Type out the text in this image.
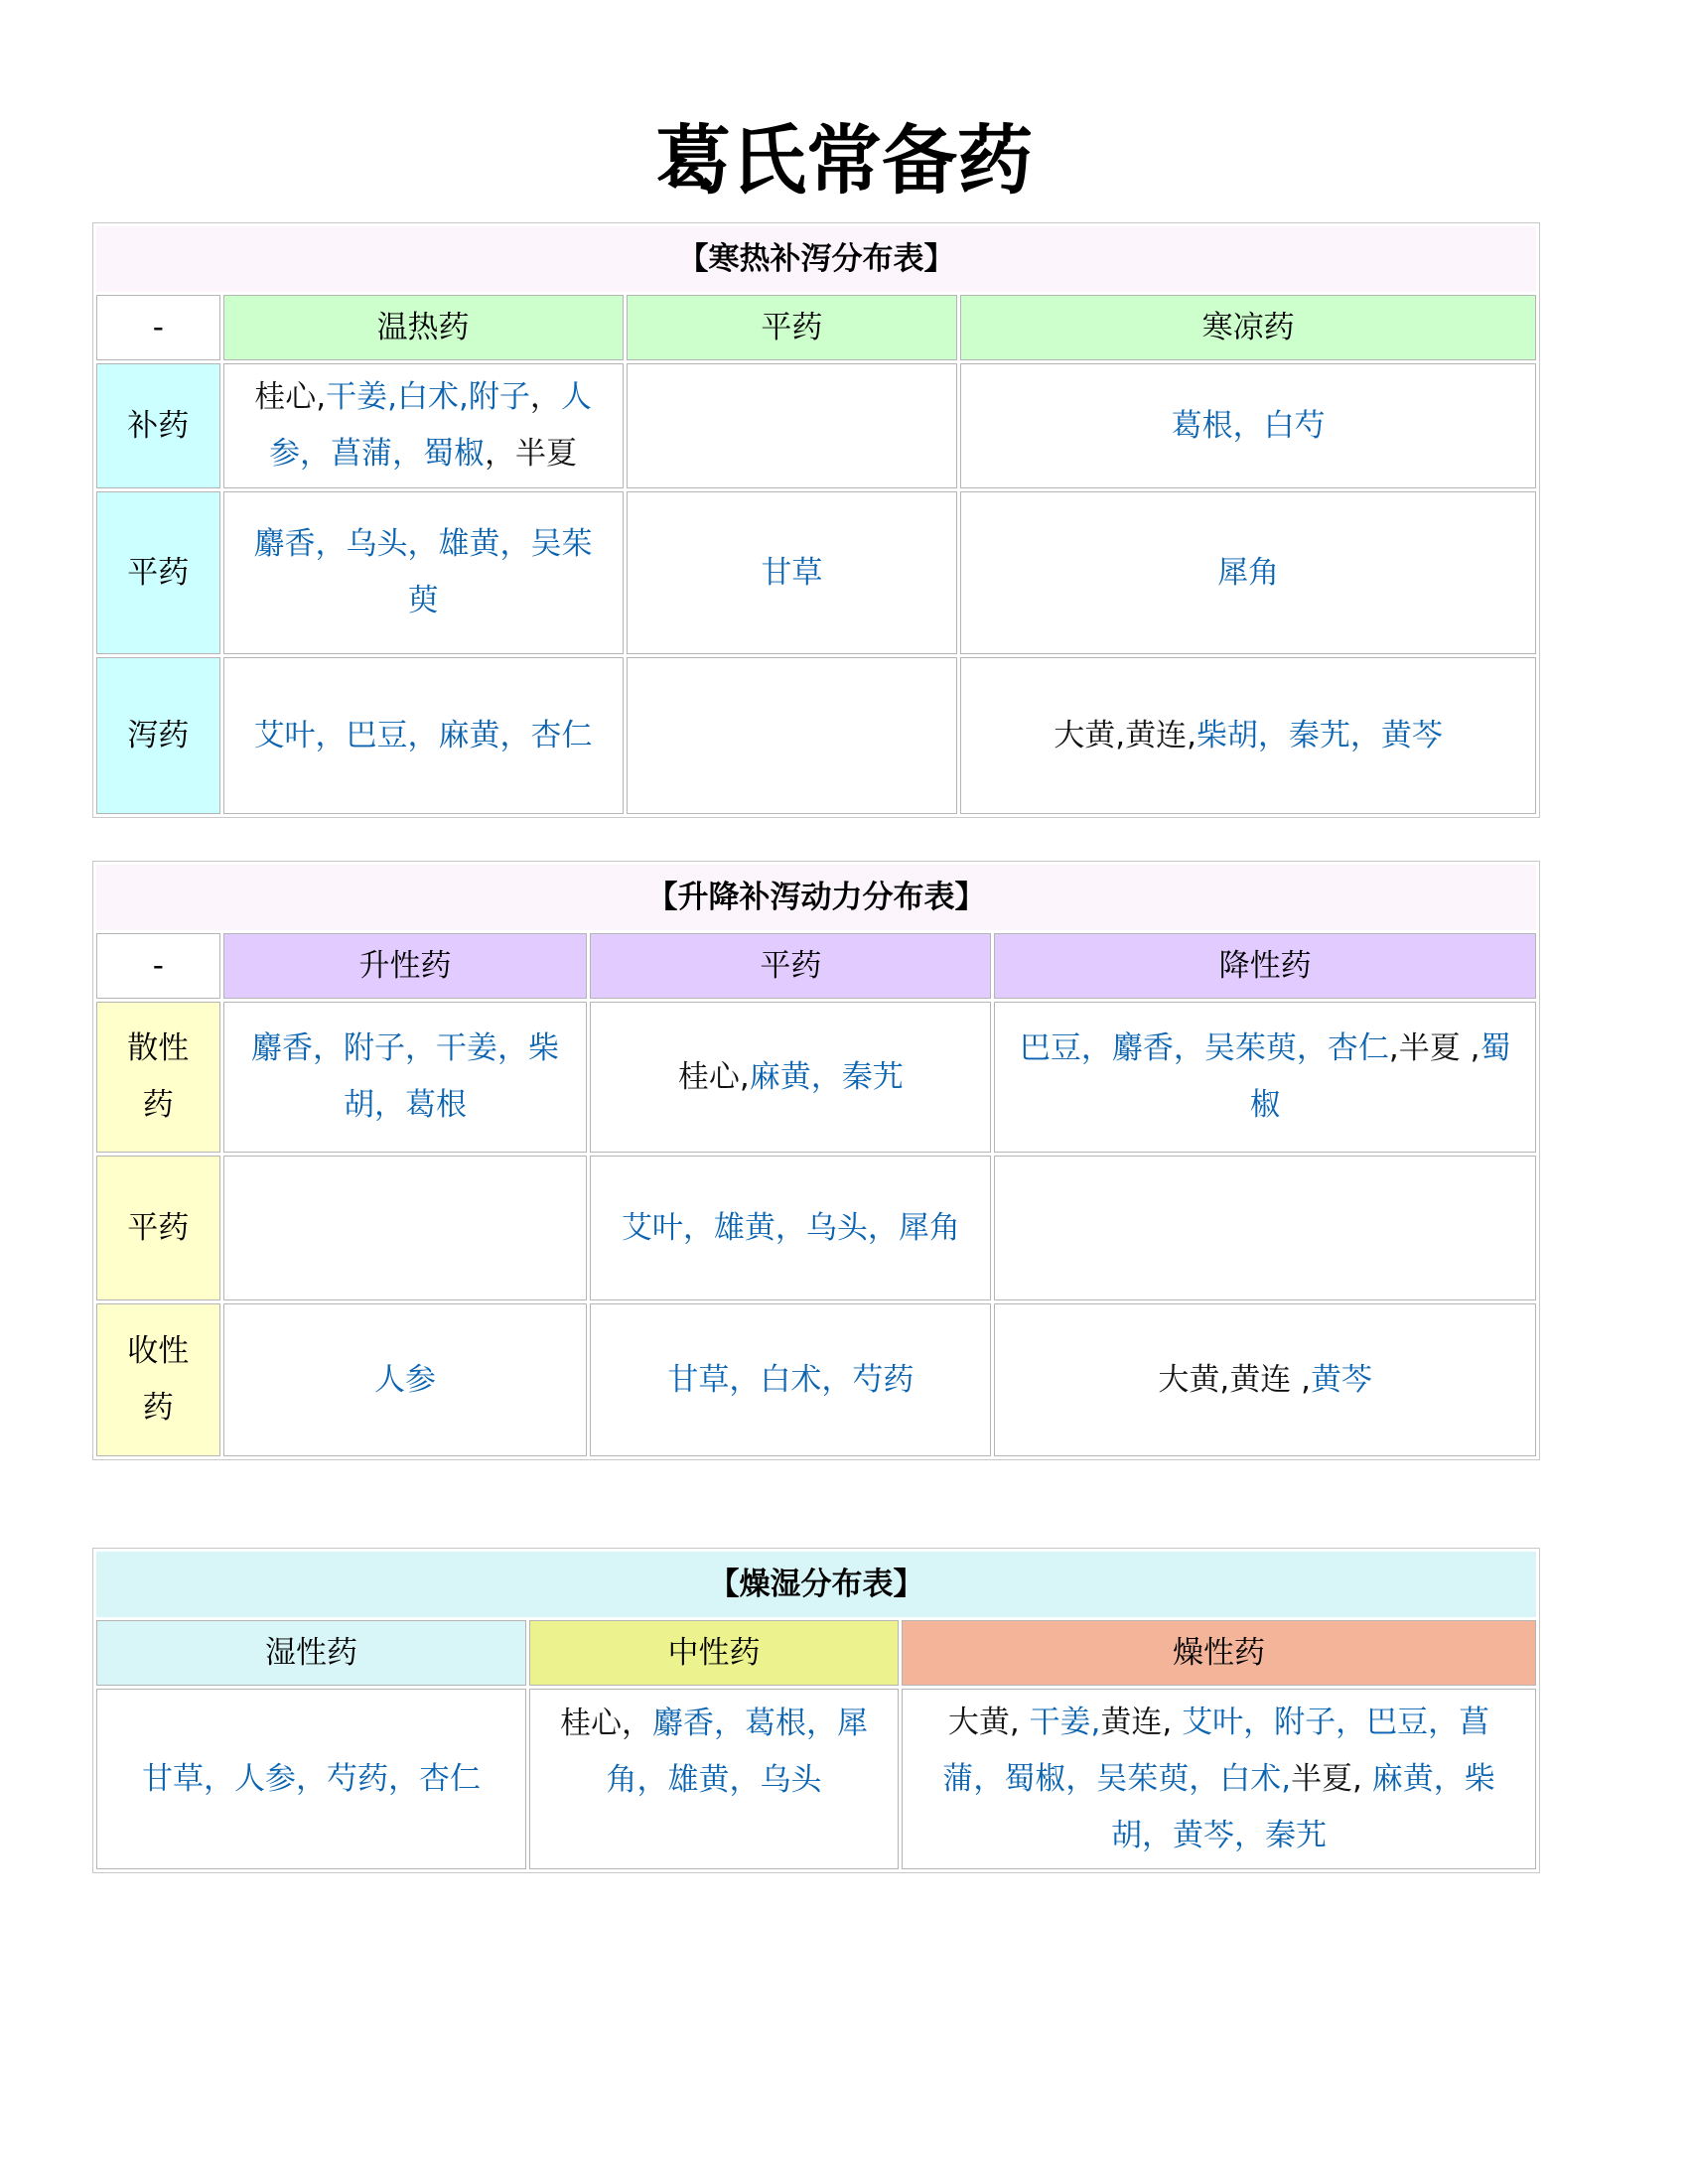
葛氏常备药
【寒热补泻分布表】			
-	温热药	平药	寒凉药
补药	桂心,干姜,白术,附子，人参，菖蒲，蜀椒，半夏		葛根，白芍
平药	麝香，乌头，雄黄，吴茱萸	甘草	犀角
泻药	艾叶，巴豆，麻黄，杏仁		大黄,黄连,柴胡，秦艽，黄芩
【升降补泻动力分布表】			
-	升性药	平药	降性药
散性药	麝香，附子，干姜，柴胡，葛根	桂心,麻黄，秦艽	巴豆，麝香，吴茱萸，杏仁,半夏 ,蜀椒
平药		艾叶，雄黄，乌头，犀角	
收性药	人参	甘草，白术，芍药	大黄,黄连 ,黄芩
【燥湿分布表】		
湿性药	中性药	燥性药
甘草，人参，芍药，杏仁	桂心，麝香，葛根，犀角，雄黄，乌头	大黄, 干姜,黄连, 艾叶，附子，巴豆，菖蒲，蜀椒，吴茱萸，白术,半夏, 麻黄，柴胡，黄芩，秦艽
